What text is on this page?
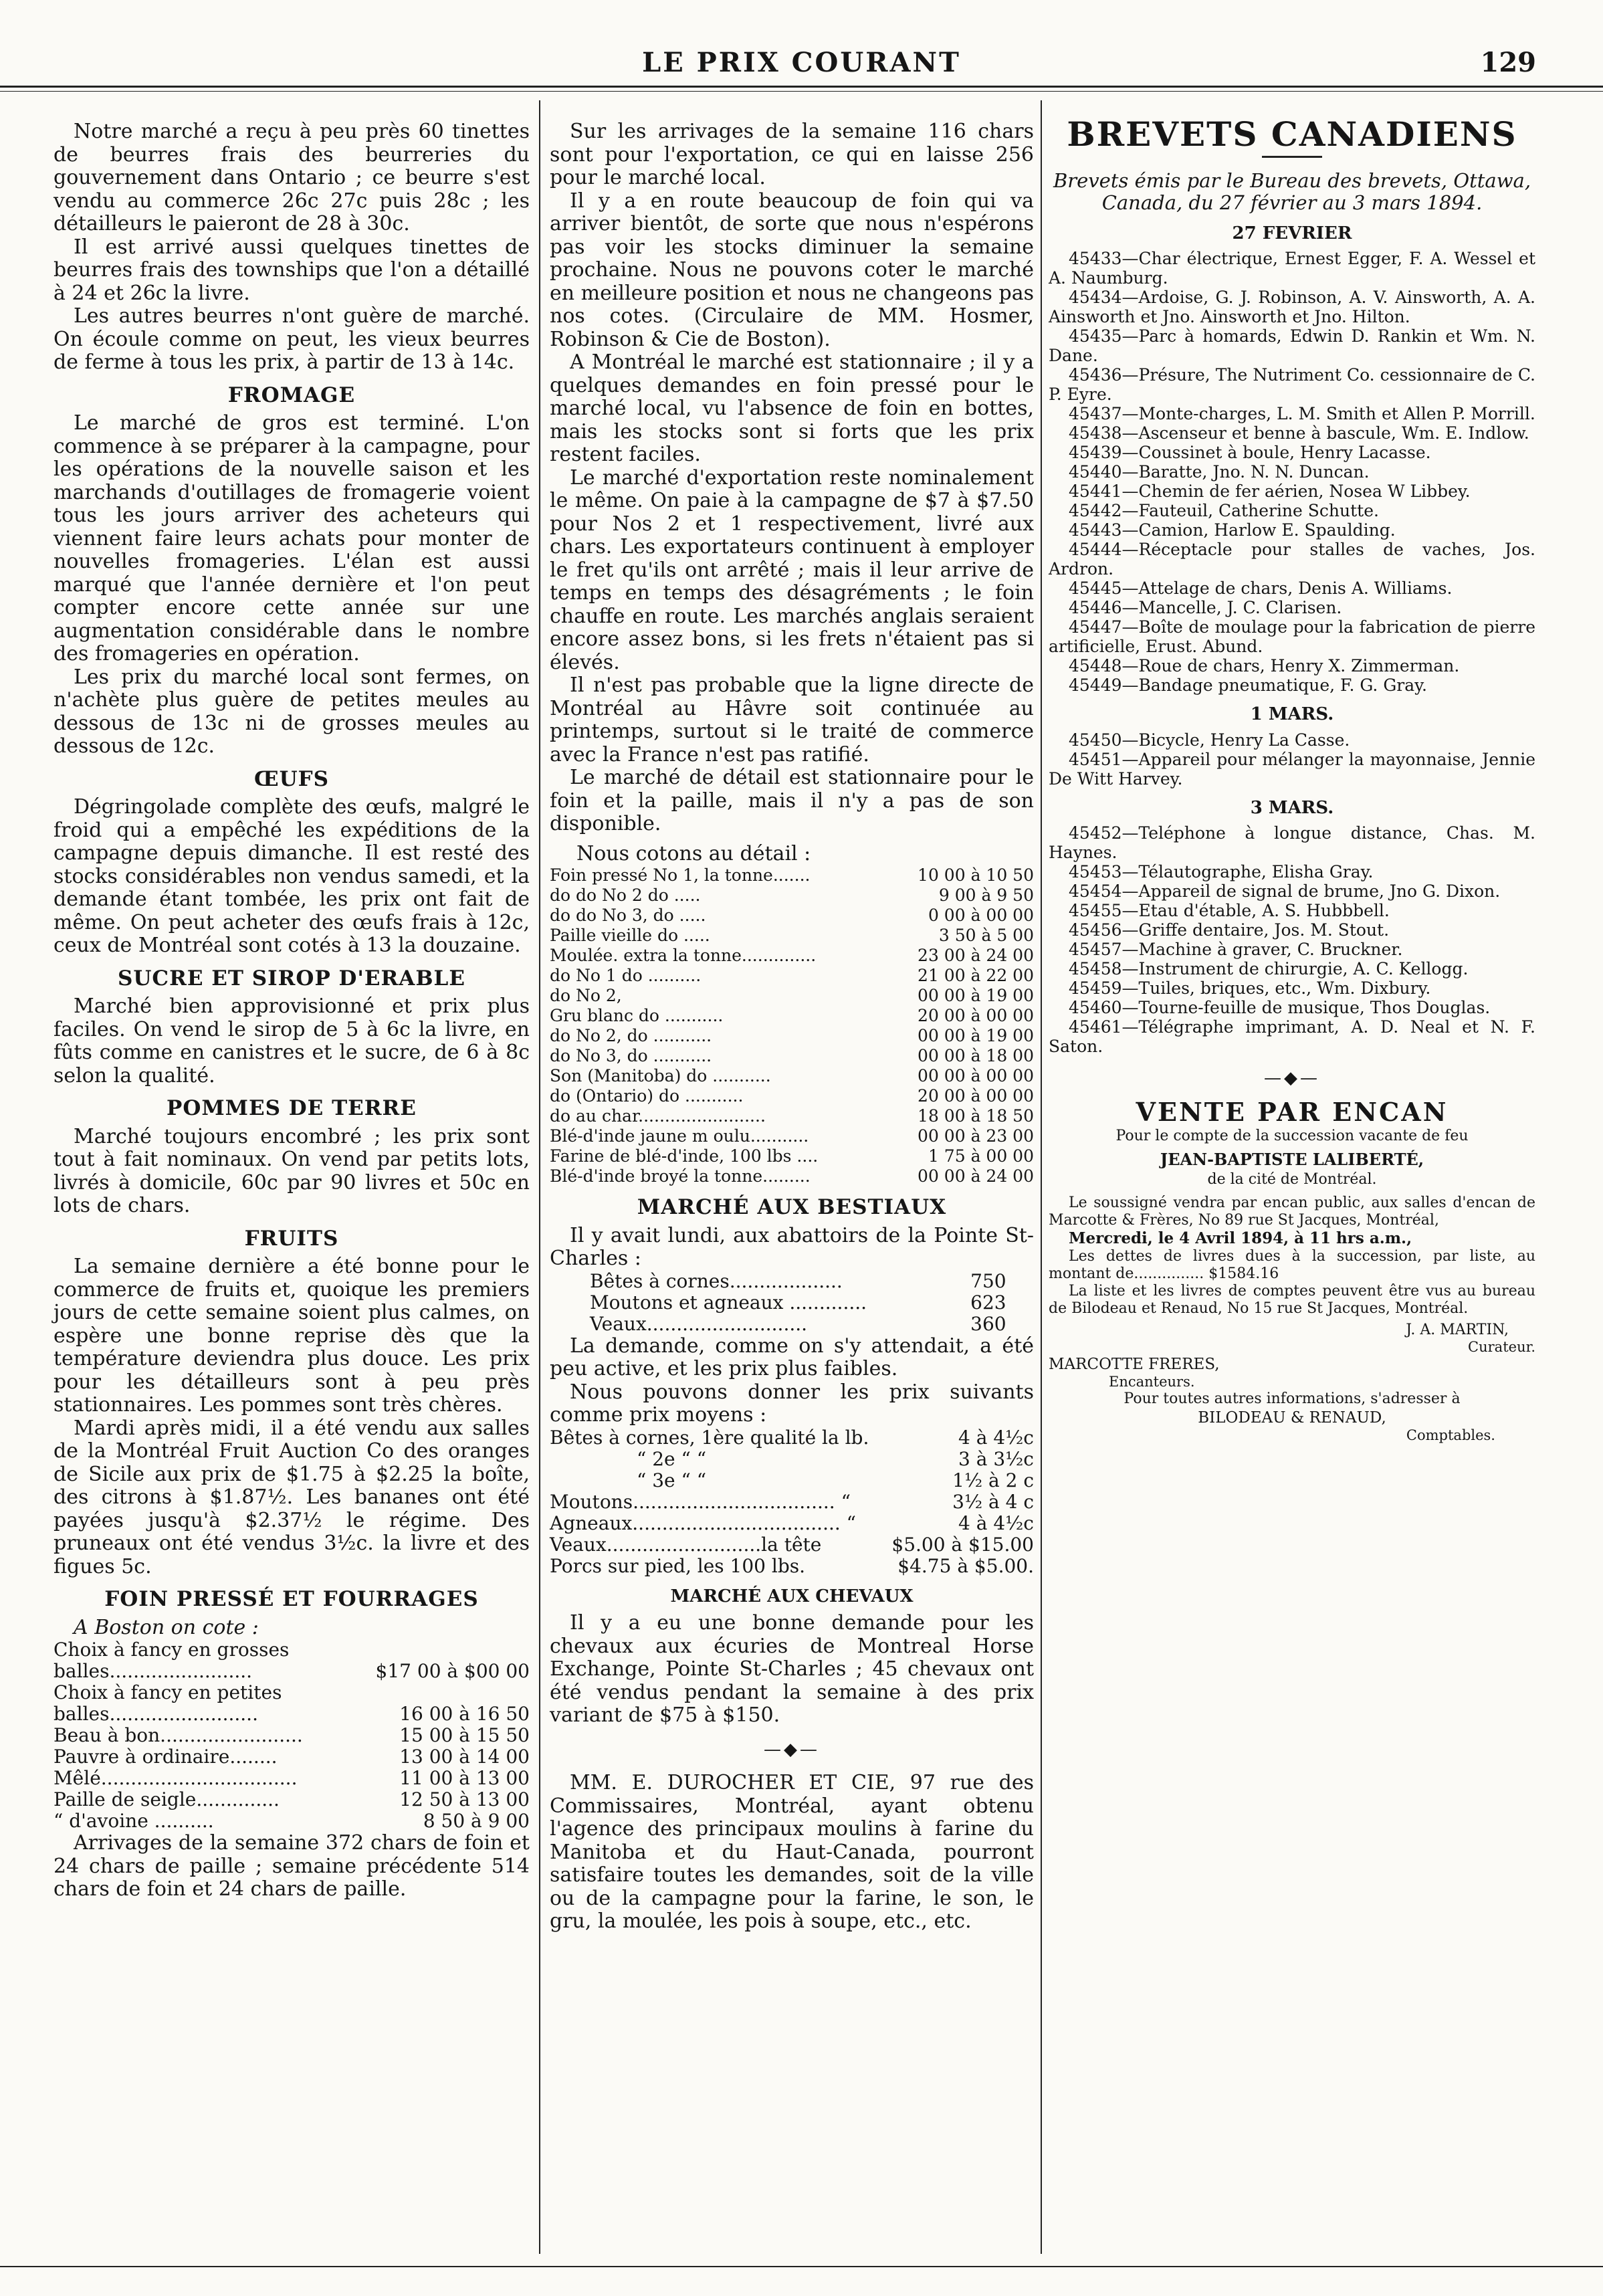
LE PRIX COURANT	129

Notre marché a reçu à peu près 60 tinettes de beurres frais des beurreries du gouvernement dans Ontario ; ce beurre s'est vendu au commerce 26c 27c puis 28c ; les détailleurs le paieront de 28 à 30c.

Il est arrivé aussi quelques tinettes de beurres frais des townships que l'on a détaillé à 24 et 26c la livre.

Les autres beurres n'ont guère de marché. On écoule comme on peut, les vieux beurres de ferme à tous les prix, à partir de 13 à 14c.

FROMAGE

Le marché de gros est terminé. L'on commence à se préparer à la campagne, pour les opérations de la nouvelle saison et les marchands d'outillages de fromagerie voient tous les jours arriver des acheteurs qui viennent faire leurs achats pour monter de nouvelles fromageries. L'élan est aussi marqué que l'année dernière et l'on peut compter encore cette année sur une augmentation considérable dans le nombre des fromageries en opération.

Les prix du marché local sont fermes, on n'achète plus guère de petites meules au dessous de 13c ni de grosses meules au dessous de 12c.

ŒUFS

Dégringolade complète des œufs, malgré le froid qui a empêché les expéditions de la campagne depuis dimanche. Il est resté des stocks considérables non vendus samedi, et la demande étant tombée, les prix ont fait de même. On peut acheter des œufs frais à 12c, ceux de Montréal sont cotés à 13 la douzaine.

SUCRE ET SIROP D'ERABLE

Marché bien approvisionné et prix plus faciles. On vend le sirop de 5 à 6c la livre, en fûts comme en canistres et le sucre, de 6 à 8c selon la qualité.

POMMES DE TERRE

Marché toujours encombré ; les prix sont tout à fait nominaux. On vend par petits lots, livrés à domicile, 60c par 90 livres et 50c en lots de chars.

FRUITS

La semaine dernière a été bonne pour le commerce de fruits et, quoique les premiers jours de cette semaine soient plus calmes, on espère une bonne reprise dès que la température deviendra plus douce. Les prix pour les détailleurs sont à peu près stationnaires. Les pommes sont très chères.

Mardi après midi, il a été vendu aux salles de la Montréal Fruit Auction Co des oranges de Sicile aux prix de $1.75 à $2.25 la boîte, des citrons à $1.87½. Les bananes ont été payées jusqu'à $2.37½ le régime. Des pruneaux ont été vendus 3½c. la livre et des figues 5c.

FOIN PRESSÉ ET FOURRAGES
A Boston on cote :
Choix à fancy en grosses	
balles........................	$17 00 à $00 00
Choix à fancy en petites	
balles.........................	16 00 à 16 50
Beau à bon........................	15 00 à 15 50
Pauvre à ordinaire........	13 00 à 14 00
Mêlé.................................	11 00 à 13 00
Paille de seigle..............	12 50 à 13 00
“ d'avoine ..........	8 50 à 9 00

Arrivages de la semaine 372 chars de foin et 24 chars de paille ; semaine précédente 514 chars de foin et 24 chars de paille.

Sur les arrivages de la semaine 116 chars sont pour l'exportation, ce qui en laisse 256 pour le marché local.

Il y a en route beaucoup de foin qui va arriver bientôt, de sorte que nous n'espérons pas voir les stocks diminuer la semaine prochaine. Nous ne pouvons coter le marché en meilleure position et nous ne changeons pas nos cotes. (Circulaire de MM. Hosmer, Robinson & Cie de Boston).

A Montréal le marché est stationnaire ; il y a quelques demandes en foin pressé pour le marché local, vu l'absence de foin en bottes, mais les stocks sont si forts que les prix restent faciles.

Le marché d'exportation reste nominalement le même. On paie à la campagne de $7 à $7.50 pour Nos 2 et 1 respectivement, livré aux chars. Les exportateurs continuent à employer le fret qu'ils ont arrêté ; mais il leur arrive de temps en temps des désagréments ; le foin chauffe en route. Les marchés anglais seraient encore assez bons, si les frets n'étaient pas si élevés.

Il n'est pas probable que la ligne directe de Montréal au Hâvre soit continuée au printemps, surtout si le traité de commerce avec la France n'est pas ratifié.

Le marché de détail est stationnaire pour le foin et la paille, mais il n'y a pas de son disponible.

Nous cotons au détail :
Foin pressé No 1, la tonne.......	10 00 à 10 50
do do No 2 do .....	9 00 à 9 50
do do No 3, do .....	0 00 à 00 00
Paille vieille do .....	3 50 à 5 00
Moulée. extra la tonne..............	23 00 à 24 00
do No 1 do ..........	21 00 à 22 00
do No 2,	00 00 à 19 00
Gru blanc do ...........	20 00 à 00 00
do No 2, do ...........	00 00 à 19 00
do No 3, do ...........	00 00 à 18 00
Son (Manitoba) do ...........	00 00 à 00 00
do (Ontario) do ...........	20 00 à 00 00
do au char........................	18 00 à 18 50
Blé-d'inde jaune m oulu...........	00 00 à 23 00
Farine de blé-d'inde, 100 lbs ....	1 75 à 00 00
Blé-d'inde broyé la tonne.........	00 00 à 24 00
MARCHÉ AUX BESTIAUX

Il y avait lundi, aux abattoirs de la Pointe St-Charles :

Bêtes à cornes...................	750
Moutons et agneaux .............	623
Veaux...........................	360

La demande, comme on s'y attendait, a été peu active, et les prix plus faibles.

Nous pouvons donner les prix suivants comme prix moyens :

Bêtes à cornes, 1ère qualité la lb.	4 à 4½c
“ 2e “ “	3 à 3½c
“ 3e “ “	1½ à 2 c
Moutons.................................. “	3½ à 4 c
Agneaux................................... “	4 à 4½c
Veaux..........................la tête	$5.00 à $15.00
Porcs sur pied, les 100 lbs.	$4.75 à $5.00.
MARCHÉ AUX CHEVAUX

Il y a eu une bonne demande pour les chevaux aux écuries de Montreal Horse Exchange, Pointe St-Charles ; 45 chevaux ont été vendus pendant la semaine à des prix variant de $75 à $150.

—◆—

MM. E. DUROCHER ET CIE, 97 rue des Commissaires, Montréal, ayant obtenu l'agence des principaux moulins à farine du Manitoba et du Haut-Canada, pourront satisfaire toutes les demandes, soit de la ville ou de la campagne pour la farine, le son, le gru, la moulée, les pois à soupe, etc., etc.

BREVETS CANADIENS
Brevets émis par le Bureau des brevets, Ottawa, Canada, du 27 février au 3 mars 1894.
27 FEVRIER

45433—Char électrique, Ernest Egger, F. A. Wessel et A. Naumburg.

45434—Ardoise, G. J. Robinson, A. V. Ainsworth, A. A. Ainsworth et Jno. Ainsworth et Jno. Hilton.

45435—Parc à homards, Edwin D. Rankin et Wm. N. Dane.

45436—Présure, The Nutriment Co. cessionnaire de C. P. Eyre.

45437—Monte-charges, L. M. Smith et Allen P. Morrill.

45438—Ascenseur et benne à bascule, Wm. E. Indlow.

45439—Coussinet à boule, Henry Lacasse.

45440—Baratte, Jno. N. N. Duncan.

45441—Chemin de fer aérien, Nosea W Libbey.

45442—Fauteuil, Catherine Schutte.

45443—Camion, Harlow E. Spaulding.

45444—Réceptacle pour stalles de vaches, Jos. Ardron.

45445—Attelage de chars, Denis A. Williams.

45446—Mancelle, J. C. Clarisen.

45447—Boîte de moulage pour la fabrication de pierre artificielle, Erust. Abund.

45448—Roue de chars, Henry X. Zimmerman.

45449—Bandage pneumatique, F. G. Gray.

1 MARS.

45450—Bicycle, Henry La Casse.

45451—Appareil pour mélanger la mayonnaise, Jennie De Witt Harvey.

3 MARS.

45452—Teléphone à longue distance, Chas. M. Haynes.

45453—Télautographe, Elisha Gray.

45454—Appareil de signal de brume, Jno G. Dixon.

45455—Etau d'étable, A. S. Hubbbell.

45456—Griffe dentaire, Jos. M. Stout.

45457—Machine à graver, C. Bruckner.

45458—Instrument de chirurgie, A. C. Kellogg.

45459—Tuiles, briques, etc., Wm. Dixbury.

45460—Tourne-feuille de musique, Thos Douglas.

45461—Télégraphe imprimant, A. D. Neal et N. F. Saton.

—◆—
VENTE PAR ENCAN
Pour le compte de la succession vacante de feu
JEAN-BAPTISTE LALIBERTÉ,
de la cité de Montréal.

Le soussigné vendra par encan public, aux salles d'encan de Marcotte & Frères, No 89 rue St Jacques, Montréal,

Mercredi, le 4 Avril 1894, à 11 hrs a.m.,

Les dettes de livres dues à la succession, par liste, au montant de............... $1584.16

La liste et les livres de comptes peuvent être vus au bureau de Bilodeau et Renaud, No 15 rue St Jacques, Montréal.

J. A. MARTIN,
Curateur.
MARCOTTE FRERES,
Encanteurs.
Pour toutes autres informations, s'adresser à
BILODEAU & RENAUD,
Comptables.
